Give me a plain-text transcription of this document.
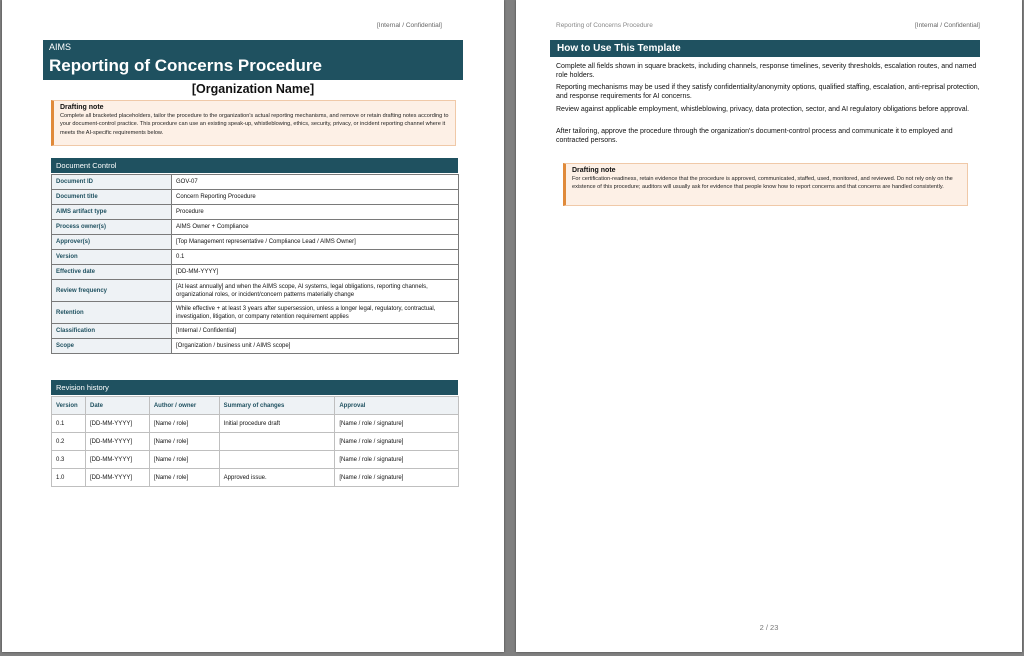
[Internal / Confidential]
AIMS
Reporting of Concerns Procedure
[Organization Name]
Drafting note
Complete all bracketed placeholders, tailor the procedure to the organization's actual reporting mechanisms, and remove or retain drafting notes according to your document-control practice. This procedure can use an existing speak-up, whistleblowing, ethics, security, privacy, or incident reporting channel where it meets the AI-specific requirements below.
Document Control
Document ID	GOV-07
Document title	Concern Reporting Procedure
AIMS artifact type	Procedure
Process owner(s)	AIMS Owner + Compliance
Approver(s)	[Top Management representative / Compliance Lead / AIMS Owner]
Version	0.1
Effective date	[DD-MM-YYYY]
Review frequency	[At least annually] and when the AIMS scope, AI systems, legal obligations, reporting channels, organizational roles, or incident/concern patterns materially change
Retention	While effective + at least 3 years after supersession, unless a longer legal, regulatory, contractual, investigation, litigation, or company retention requirement applies
Classification	[Internal / Confidential]
Scope	[Organization / business unit / AIMS scope]
Revision history
Version	Date	Author / owner	Summary of changes	Approval
0.1	[DD-MM-YYYY]	[Name / role]	Initial procedure draft	[Name / role / signature]
0.2	[DD-MM-YYYY]	[Name / role]		[Name / role / signature]
0.3	[DD-MM-YYYY]	[Name / role]		[Name / role / signature]
1.0	[DD-MM-YYYY]	[Name / role]	Approved issue.	[Name / role / signature]
Reporting of Concerns Procedure	[Internal / Confidential]
How to Use This Template
Complete all fields shown in square brackets, including channels, response timelines, severity thresholds, escalation routes, and named role holders.
Reporting mechanisms may be used if they satisfy confidentiality/anonymity options, qualified staffing, escalation, anti-reprisal protection, and response requirements for AI concerns.
Review against applicable employment, whistleblowing, privacy, data protection, sector, and AI regulatory obligations before approval.
After tailoring, approve the procedure through the organization's document-control process and communicate it to employed and contracted persons.
Drafting note
For certification-readiness, retain evidence that the procedure is approved, communicated, staffed, used, monitored, and reviewed. Do not rely only on the existence of this procedure; auditors will usually ask for evidence that people know how to report concerns and that concerns are handled consistently.
2 / 23
